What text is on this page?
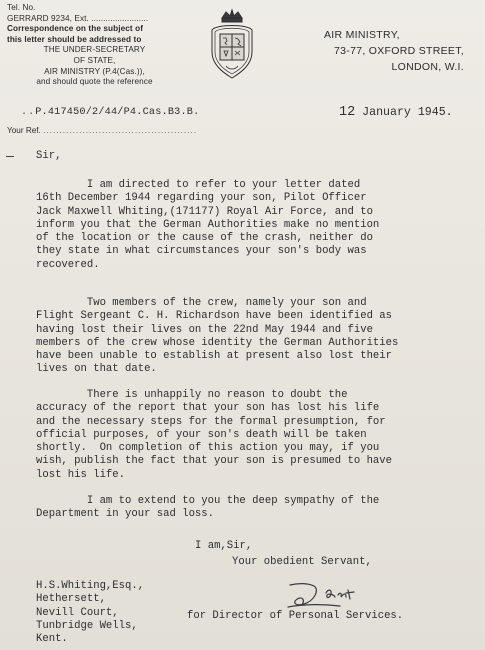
Tel. No.
GERRARD 9234, Ext. ........................
Correspondence on the subject of
this letter should be addressed to
THE UNDER-SECRETARY
OF STATE,
AIR MINISTRY (P.4(Cas.)),
and should quote the reference
AIR MINISTRY,
73-77, OXFORD STREET,
LONDON, W.I.
..P.417450/2/44/P4.Cas.B3.B.	12 January 1945.
Your Ref. ...............................................
Sir,
I am directed to refer to your letter dated
16th December 1944 regarding your son, Pilot Officer
Jack Maxwell Whiting,(171177) Royal Air Force, and to
inform you that the German Authorities make no mention
of the location or the cause of the crash, neither do
they state in what circumstances your son's body was
recovered.
Two members of the crew, namely your son and
Flight Sergeant C. H. Richardson have been identified as
having lost their lives on the 22nd May 1944 and five
members of the crew whose identity the German Authorities
have been unable to establish at present also lost their
lives on that date.
There is unhappily no reason to doubt the
accuracy of the report that your son has lost his life
and the necessary steps for the formal presumption, for
official purposes, of your son's death will be taken
shortly.  On completion of this action you may, if you
wish, publish the fact that your son is presumed to have
lost his life.
I am to extend to you the deep sympathy of the
Department in your sad loss.
I am,Sir,
Your obedient Servant,
H.S.Whiting,Esq.,
Hethersett,
Nevill Court,
Tunbridge Wells,
Kent.
for Director of Personal Services.
